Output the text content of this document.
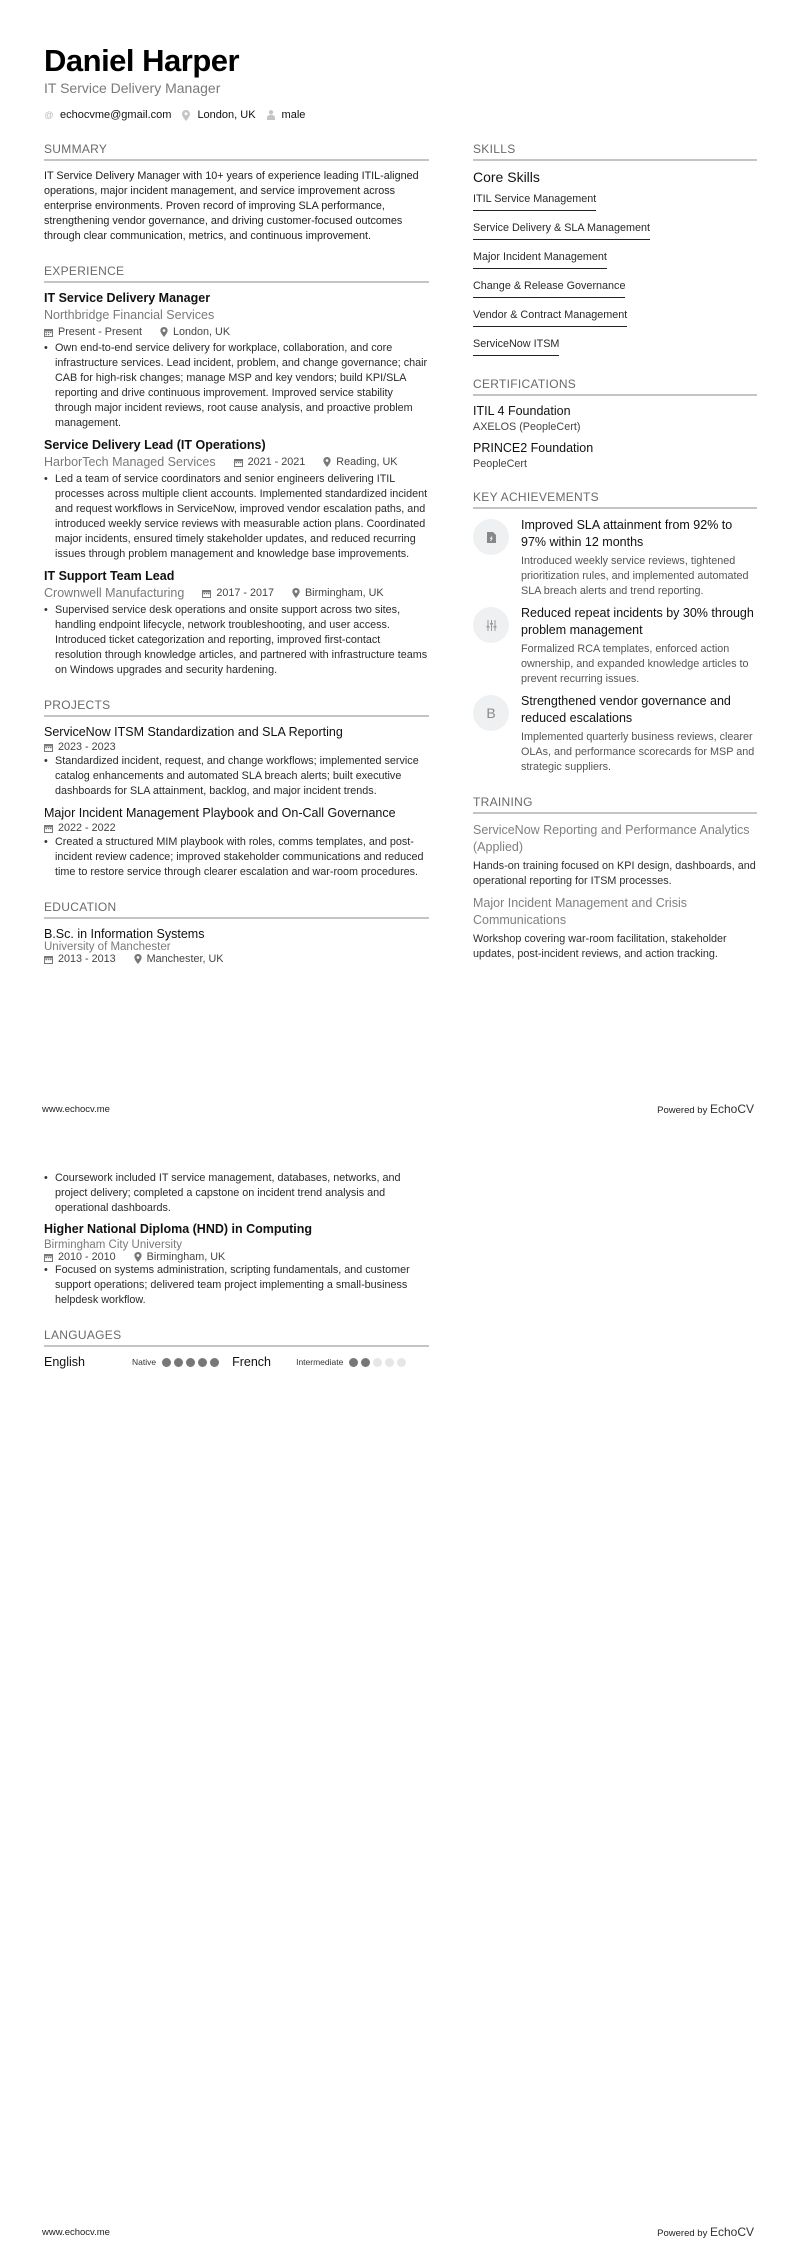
Daniel Harper
IT Service Delivery Manager
@ echocvme@gmail.com London, UK male
SUMMARY
IT Service Delivery Manager with 10+ years of experience leading ITIL-aligned operations, major incident management, and service improvement across enterprise environments. Proven record of improving SLA performance, strengthening vendor governance, and driving customer-focused outcomes through clear communication, metrics, and continuous improvement.
EXPERIENCE
IT Service Delivery Manager
Northbridge Financial Services
Present - Present	London, UK
• Own end-to-end service delivery for workplace, collaboration, and core infrastructure services. Lead incident, problem, and change governance; chair CAB for high-risk changes; manage MSP and key vendors; build KPI/SLA reporting and drive continuous improvement. Improved service stability through major incident reviews, root cause analysis, and proactive problem management.
Service Delivery Lead (IT Operations)
HarborTech Managed Services	2021 - 2021	Reading, UK
• Led a team of service coordinators and senior engineers delivering ITIL processes across multiple client accounts. Implemented standardized incident and request workflows in ServiceNow, improved vendor escalation paths, and introduced weekly service reviews with measurable action plans. Coordinated major incidents, ensured timely stakeholder updates, and reduced recurring issues through problem management and knowledge base improvements.
IT Support Team Lead
Crownwell Manufacturing	2017 - 2017	Birmingham, UK
• Supervised service desk operations and onsite support across two sites, handling endpoint lifecycle, network troubleshooting, and user access. Introduced ticket categorization and reporting, improved first-contact resolution through knowledge articles, and partnered with infrastructure teams on Windows upgrades and security hardening.
PROJECTS
ServiceNow ITSM Standardization and SLA Reporting
2023 - 2023
• Standardized incident, request, and change workflows; implemented service catalog enhancements and automated SLA breach alerts; built executive dashboards for SLA attainment, backlog, and major incident trends.
Major Incident Management Playbook and On-Call Governance
2022 - 2022
• Created a structured MIM playbook with roles, comms templates, and post-incident review cadence; improved stakeholder communications and reduced time to restore service through clearer escalation and war-room procedures.
EDUCATION
B.Sc. in Information Systems
University of Manchester
2013 - 2013	Manchester, UK
SKILLS
Core Skills
ITIL Service Management
Service Delivery & SLA Management
Major Incident Management
Change & Release Governance
Vendor & Contract Management
ServiceNow ITSM
CERTIFICATIONS
ITIL 4 Foundation
AXELOS (PeopleCert)
PRINCE2 Foundation
PeopleCert
KEY ACHIEVEMENTS
Improved SLA attainment from 92% to 97% within 12 months
Introduced weekly service reviews, tightened prioritization rules, and implemented automated SLA breach alerts and trend reporting.
Reduced repeat incidents by 30% through problem management
Formalized RCA templates, enforced action ownership, and expanded knowledge articles to prevent recurring issues.
B
Strengthened vendor governance and reduced escalations
Implemented quarterly business reviews, clearer OLAs, and performance scorecards for MSP and strategic suppliers.
TRAINING
ServiceNow Reporting and Performance Analytics (Applied)
Hands-on training focused on KPI design, dashboards, and operational reporting for ITSM processes.
Major Incident Management and Crisis Communications
Workshop covering war-room facilitation, stakeholder updates, post-incident reviews, and action tracking.
www.echocv.me	Powered by EchoCV
• Coursework included IT service management, databases, networks, and project delivery; completed a capstone on incident trend analysis and operational dashboards.
Higher National Diploma (HND) in Computing
Birmingham City University
2010 - 2010	Birmingham, UK
• Focused on systems administration, scripting fundamentals, and customer support operations; delivered team project implementing a small-business helpdesk workflow.
LANGUAGES
English	Native	French	Intermediate
www.echocv.me	Powered by EchoCV
